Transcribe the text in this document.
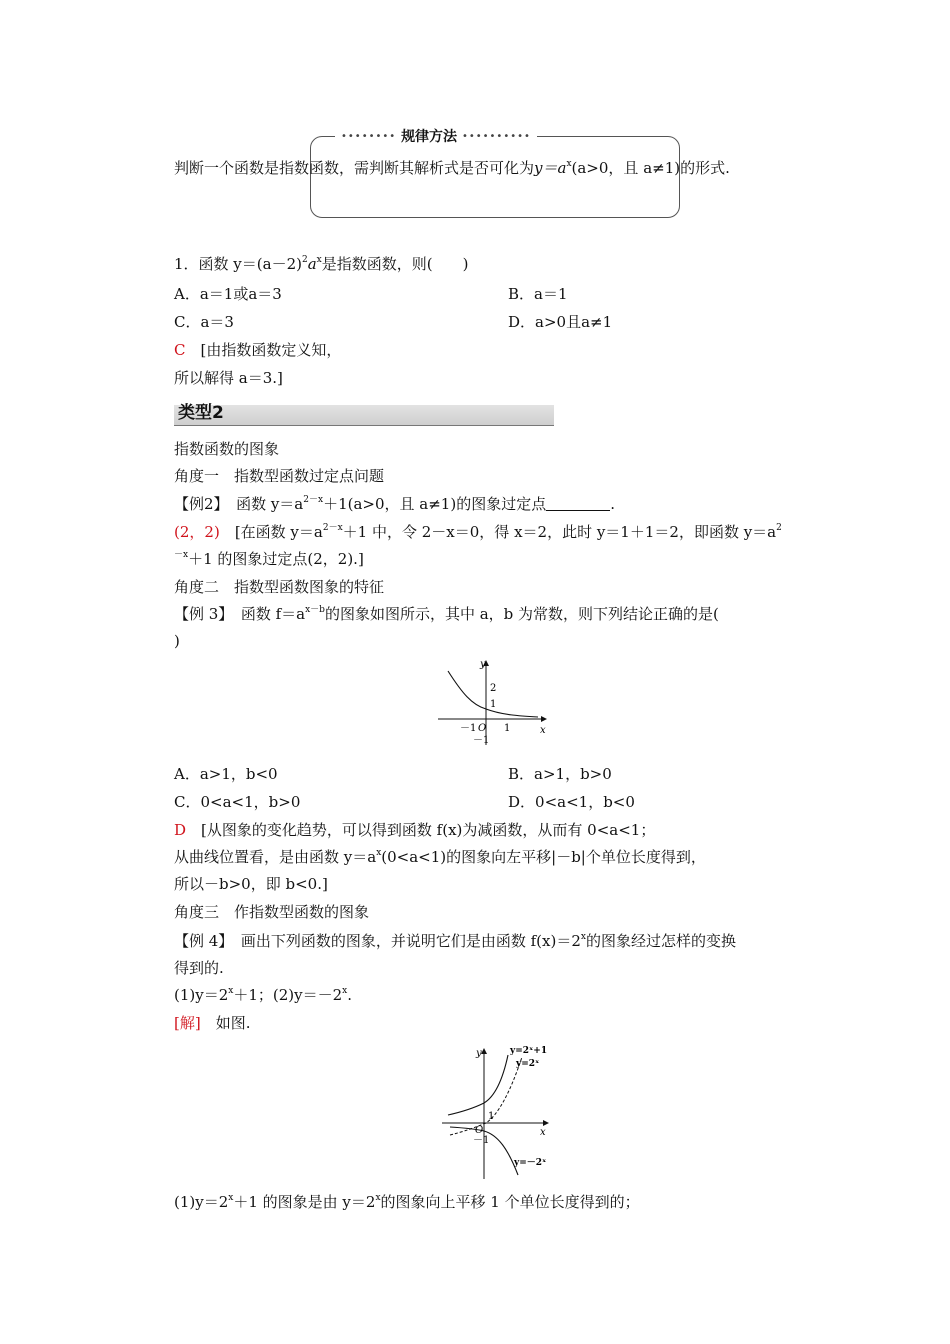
•••••••• 规律方法 ••••••••••
判断一个函数是指数函数，需判断其解析式是否可化为$y=a^x(a>0$，且 a≠1)的形式.
1．函数 $y=(a-2)^2a^x$是指数函数，则(　　)
A．a＝1或a＝3	B．a＝1
C．a＝3	D．a>0且a≠1
C　 [由指数函数定义知，
所以解得 a＝3.]
类型2
指数函数的图象
角度一　指数型函数过定点问题
【例2】　 函数 $y=a^{2-x}+1(a>0$，且 a≠1)的图象过定点	.
(2，2)　 [在函数 $y=a^{2-x}+1$ 中，令 2－x＝0，得 x＝2，此时 y＝1＋1＝2，即函数 $y=a^2$
$^{-x}$＋1 的图象过定点(2，2).]
角度二　指数型函数图象的特征
【例 3】　 函数 $f=a^{x-b}$的图象如图所示，其中 a，b 为常数，则下列结论正确的是(
)
y
x
2
1
－1 O 1
－1
A．a>1，b<0	B．a>1，b>0
C．0<a<1，b>0	D．0<a<1，b<0
D　 [从图象的变化趋势，可以得到函数 f(x)为减函数，从而有 0<a<1；
从曲线位置看，是由函数 $y=a^x(0<a<1)$的图象向左平移|－b|个单位长度得到，
所以－b>0，即 b<0.]
角度三　作指数型函数的图象
【例 4】　 画出下列函数的图象，并说明它们是由函数 $f(x)=2^x$的图象经过怎样的变换
得到的.
$(1)y=2^x+1$；$(2)y=-2^x$.
[解]　 如图.
y
x
O
1
－1
y=2ˣ+1
y=2ˣ
y=－2ˣ
$(1)y=2^x+1$ 的图象是由 $y=2^x$的图象向上平移 1 个单位长度得到的；
